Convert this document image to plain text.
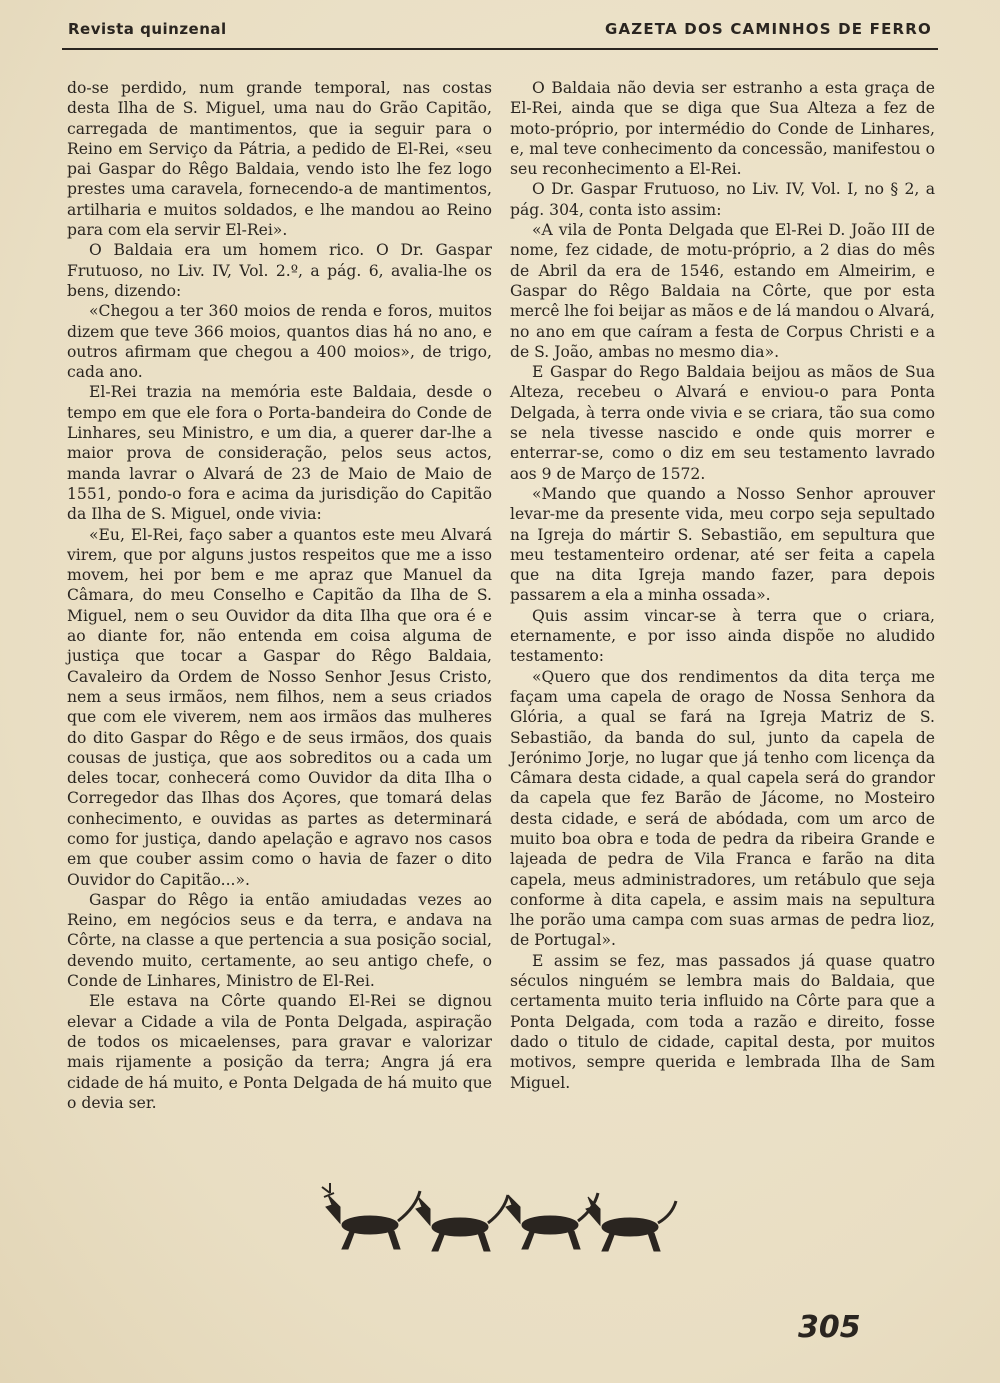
Revista quinzenal	GAZETA DOS CAMINHOS DE FERRO

do-se perdido, num grande temporal, nas costas desta Ilha de S. Miguel, uma nau do Grão Capitão, carregada de mantimentos, que ia seguir para o Reino em Serviço da Pátria, a pedido de El-Rei, «seu pai Gaspar do Rêgo Baldaia, vendo isto lhe fez logo prestes uma caravela, fornecendo-a de mantimentos, artilharia e muitos soldados, e lhe mandou ao Reino para com ela servir El-Rei».

O Baldaia era um homem rico. O Dr. Gaspar Frutuoso, no Liv. IV, Vol. 2.º, a pág. 6, avalia-lhe os bens, dizendo:

«Chegou a ter 360 moios de renda e foros, muitos dizem que teve 366 moios, quantos dias há no ano, e outros afirmam que chegou a 400 moios», de trigo, cada ano.

El-Rei trazia na memória este Baldaia, desde o tempo em que ele fora o Porta-bandeira do Conde de Linhares, seu Ministro, e um dia, a querer dar-lhe a maior prova de consideração, pelos seus actos, manda lavrar o Alvará de 23 de Maio de Maio de 1551, pondo-o fora e acima da jurisdição do Capitão da Ilha de S. Miguel, onde vivia:

«Eu, El-Rei, faço saber a quantos este meu Alvará virem, que por alguns justos respeitos que me a isso movem, hei por bem e me apraz que Manuel da Câmara, do meu Conselho e Capitão da Ilha de S. Miguel, nem o seu Ouvidor da dita Ilha que ora é e ao diante for, não entenda em coisa alguma de justiça que tocar a Gaspar do Rêgo Baldaia, Cavaleiro da Ordem de Nosso Senhor Jesus Cristo, nem a seus irmãos, nem filhos, nem a seus criados que com ele viverem, nem aos irmãos das mulheres do dito Gaspar do Rêgo e de seus irmãos, dos quais cousas de justiça, que aos sobreditos ou a cada um deles tocar, conhecerá como Ouvidor da dita Ilha o Corregedor das Ilhas dos Açores, que tomará delas conhecimento, e ouvidas as partes as determinará como for justiça, dando apelação e agravo nos casos em que couber assim como o havia de fazer o dito Ouvidor do Capitão...».

Gaspar do Rêgo ia então amiudadas vezes ao Reino, em negócios seus e da terra, e andava na Côrte, na classe a que pertencia a sua posição social, devendo muito, certamente, ao seu antigo chefe, o Conde de Linhares, Ministro de El-Rei.

Ele estava na Côrte quando El-Rei se dignou elevar a Cidade a vila de Ponta Delgada, aspiração de todos os micaelenses, para gravar e valorizar mais rijamente a posição da terra; Angra já era cidade de há muito, e Ponta Delgada de há muito que o devia ser.

O Baldaia não devia ser estranho a esta graça de El-Rei, ainda que se diga que Sua Alteza a fez de moto-próprio, por intermédio do Conde de Linhares, e, mal teve conhecimento da concessão, manifestou o seu reconhecimento a El-Rei.

O Dr. Gaspar Frutuoso, no Liv. IV, Vol. I, no § 2, a pág. 304, conta isto assim:

«A vila de Ponta Delgada que El-Rei D. João III de nome, fez cidade, de motu-próprio, a 2 dias do mês de Abril da era de 1546, estando em Almeirim, e Gaspar do Rêgo Baldaia na Côrte, que por esta mercê lhe foi beijar as mãos e de lá mandou o Alvará, no ano em que caíram a festa de Corpus Christi e a de S. João, ambas no mesmo dia».

E Gaspar do Rego Baldaia beijou as mãos de Sua Alteza, recebeu o Alvará e enviou-o para Ponta Delgada, à terra onde vivia e se criara, tão sua como se nela tivesse nascido e onde quis morrer e enterrar-se, como o diz em seu testamento lavrado aos 9 de Março de 1572.

«Mando que quando a Nosso Senhor aprouver levar-me da presente vida, meu corpo seja sepultado na Igreja do mártir S. Sebastião, em sepultura que meu testamenteiro ordenar, até ser feita a capela que na dita Igreja mando fazer, para depois passarem a ela a minha ossada».

Quis assim vincar-se à terra que o criara, eternamente, e por isso ainda dispõe no aludido testamento:

«Quero que dos rendimentos da dita terça me façam uma capela de orago de Nossa Senhora da Glória, a qual se fará na Igreja Matriz de S. Sebastião, da banda do sul, junto da capela de Jerónimo Jorje, no lugar que já tenho com licença da Câmara desta cidade, a qual capela será do grandor da capela que fez Barão de Jácome, no Mosteiro desta cidade, e será de abódada, com um arco de muito boa obra e toda de pedra da ribeira Grande e lajeada de pedra de Vila Franca e farão na dita capela, meus administradores, um retábulo que seja conforme à dita capela, e assim mais na sepultura lhe porão uma campa com suas armas de pedra lioz, de Portugal».

E assim se fez, mas passados já quase quatro séculos ninguém se lembra mais do Baldaia, que certamenta muito teria influido na Côrte para que a Ponta Delgada, com toda a razão e direito, fosse dado o titulo de cidade, capital desta, por muitos motivos, sempre querida e lembrada Ilha de Sam Miguel.

305
